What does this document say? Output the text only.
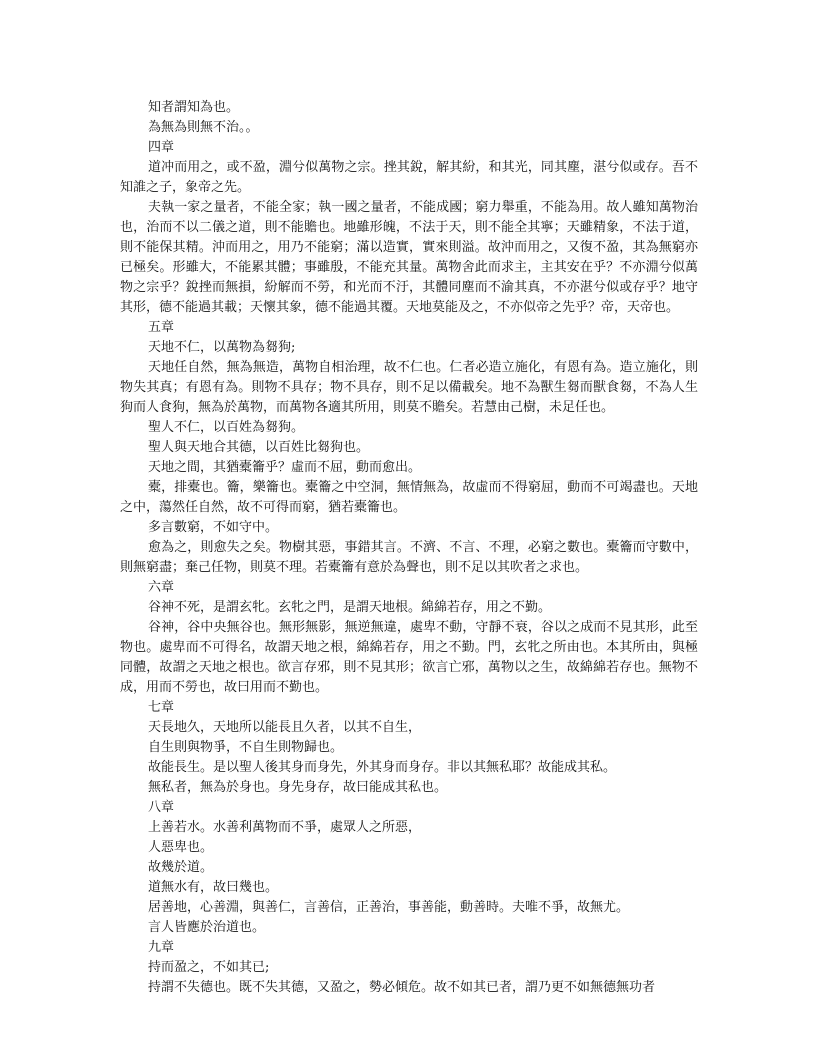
知者謂知為也。

為無為則無不治。。

四章

道冲而用之，或不盈，淵兮似萬物之宗。挫其銳，解其紛，和其光，同其塵，湛兮似或存。吾不知誰之子，象帝之先。

夫執一家之量者，不能全家；執一國之量者，不能成國；窮力舉重，不能為用。故人雖知萬物治也，治而不以二儀之道，則不能贍也。地雖形魄，不法于天，則不能全其寧；天雖精象，不法于道，則不能保其精。沖而用之，用乃不能窮；滿以造實，實來則溢。故沖而用之，又復不盈，其為無窮亦已極矣。形雖大，不能累其體；事雖殷，不能充其量。萬物舍此而求主，主其安在乎？不亦淵兮似萬物之宗乎？銳挫而無損，紛解而不勞，和光而不汙，其體同塵而不渝其真，不亦湛兮似或存乎？地守其形，德不能過其載；天懷其象，德不能過其覆。天地莫能及之，不亦似帝之先乎？帝，天帝也。

五章

天地不仁，以萬物為芻狗;

天地任自然，無為無造，萬物自相治理，故不仁也。仁者必造立施化，有恩有為。造立施化，則物失其真；有恩有為。則物不具存；物不具存，則不足以備載矣。地不為獸生芻而獸食芻，不為人生狗而人食狗，無為於萬物，而萬物各適其所用，則莫不贍矣。若慧由己樹，未足任也。

聖人不仁，以百姓為芻狗。

聖人與天地合其德，以百姓比芻狗也。

天地之間，其猶橐籥乎？虛而不屈，動而愈出。

橐，排橐也。籥，樂籥也。橐籥之中空洞，無情無為，故虛而不得窮屈，動而不可竭盡也。天地之中，蕩然任自然，故不可得而窮，猶若橐籥也。

多言數窮，不如守中。

愈為之，則愈失之矣。物樹其惡，事錯其言。不濟、不言、不理，必窮之數也。橐籥而守數中，則無窮盡；棄己任物，則莫不理。若橐籥有意於為聲也，則不足以其吹者之求也。

六章

谷神不死，是謂玄牝。玄牝之門，是謂天地根。綿綿若存，用之不勤。

谷神，谷中央無谷也。無形無影，無逆無違，處卑不動，守靜不衰，谷以之成而不見其形，此至物也。處卑而不可得名，故謂天地之根，綿綿若存，用之不勤。門，玄牝之所由也。本其所由，與極同體，故謂之天地之根也。欲言存邪，則不見其形；欲言亡邪，萬物以之生，故綿綿若存也。無物不成，用而不勞也，故曰用而不勤也。

七章

天長地久，天地所以能長且久者，以其不自生，

自生則與物爭，不自生則物歸也。

故能長生。是以聖人後其身而身先，外其身而身存。非以其無私耶？故能成其私。

無私者，無為於身也。身先身存，故曰能成其私也。

八章

上善若水。水善利萬物而不爭，處眾人之所惡，

人惡卑也。

故幾於道。

道無水有，故曰幾也。

居善地，心善淵，與善仁，言善信，正善治，事善能，動善時。夫唯不爭，故無尤。

言人皆應於治道也。

九章

持而盈之，不如其已;

持謂不失德也。既不失其德，又盈之，勢必傾危。故不如其已者，謂乃更不如無德無功者
